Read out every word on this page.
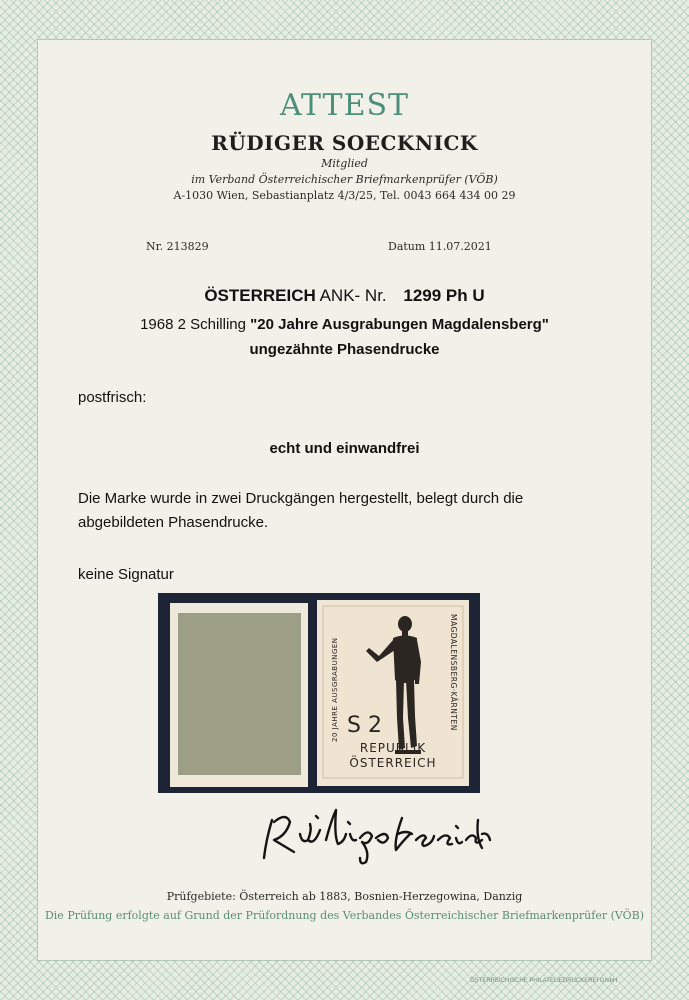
ATTEST
RÜDIGER SOECKNICK
Mitglied
im Verband Österreichischer Briefmarkenprüfer (VÖB)
A-1030 Wien, Sebastianplatz 4/3/25, Tel. 0043 664 434 00 29
Nr. 213829	Datum 11.07.2021
ÖSTERREICH ANK- Nr. 1299 Ph U
1968 2 Schilling "20 Jahre Ausgrabungen Magdalensberg"
ungezähnte Phasendrucke
postfrisch:
echt und einwandfrei
Die Marke wurde in zwei Druckgängen hergestellt, belegt durch die
abgebildeten Phasendrucke.
keine Signatur
MAGDALENSBERG·KÄRNTEN
20 JAHRE AUSGRABUNGEN S 2
REPUBLIK
ÖSTERREICH
Prüfgebiete: Österreich ab 1883, Bosnien-Herzegowina, Danzig
Die Prüfung erfolgte auf Grund der Prüfordnung des Verbandes Österreichischer Briefmarkenprüfer (VÖB)
ÖSTERREICHISCHE PHILATELIEDRUCKEREI GmbH
